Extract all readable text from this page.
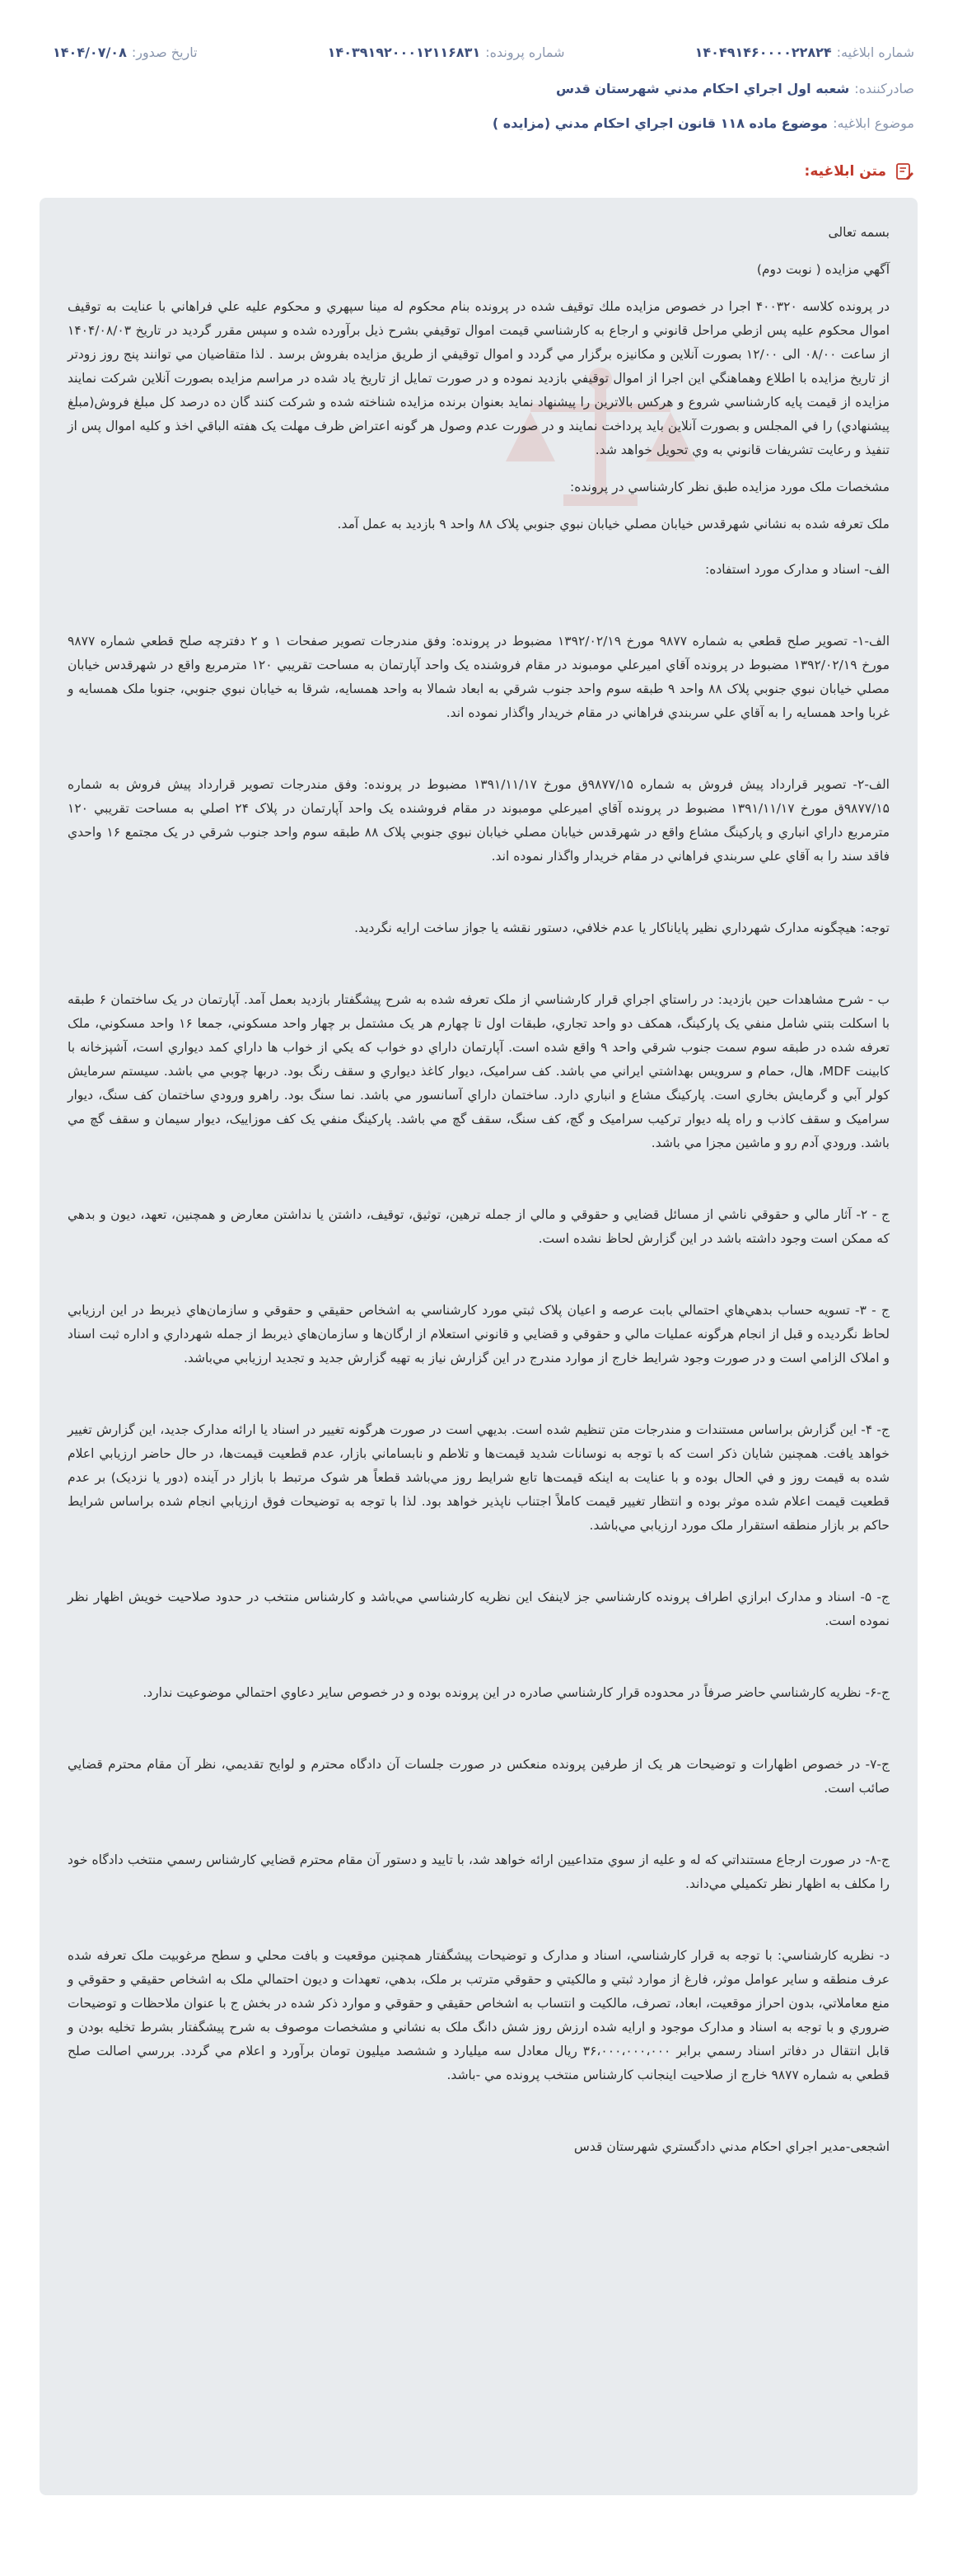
شماره ابلاغيه:
۱۴۰۴۹۱۴۶۰۰۰۰۲۲۸۲۴
شماره پرونده:
۱۴۰۳۹۱۹۲۰۰۰۱۲۱۱۶۸۳۱
تاريخ صدور:
۱۴۰۴/۰۷/۰۸
صادرکننده:
شعبه اول اجراي احكام مدني شهرستان قدس
موضوع ابلاغيه:
موضوع ماده ۱۱۸ قانون اجراي احکام مدني (مزايده )
متن ابلاغيه:

بسمه تعالی

آگهي مزايده ( نوبت دوم)

در پرونده كلاسه ۴۰۰۳۲۰ اجرا در خصوص مزايده ملك توقيف شده در پرونده بنام محكوم له مينا سپهري و محكوم عليه علي فراهاني با عنايت به توقيف اموال محكوم عليه پس ازطي مراحل قانوني و ارجاع به كارشناسي قيمت اموال توقيفي بشرح ذيل برآورده شده و سپس مقرر گرديد در تاريخ ۱۴۰۴/۰۸/۰۳ از ساعت ۰۸/۰۰ الی ۱۲/۰۰ بصورت آنلاين و مكانيزه برگزار مي گردد و اموال توقيفي از طريق مزايده بفروش برسد . لذا متقاضيان مي توانند پنج روز زودتر از تاريخ مزايده با اطلاع وهماهنگي اين اجرا از اموال توقيفي بازديد نموده و در صورت تمايل از تاريخ ياد شده در مراسم مزايده بصورت آنلاين شركت نمايند مزايده از قيمت پايه كارشناسي شروع و هركس بالاترين را پيشنهاد نمايد بعنوان برنده مزايده شناخته شده و شركت كنند گان ده درصد كل مبلغ فروش(مبلغ پيشنهادي) را في المجلس و بصورت آنلاين بايد پرداخت نمايند و در صورت عدم وصول هر گونه اعتراض ظرف مهلت يک هفته الباقي اخذ و كليه اموال پس از تنفيذ و رعايت تشريفات قانوني به وي تحويل خواهد شد.

مشخصات ملک مورد مزايده طبق نظر کارشناسي در پرونده:

ملک تعرفه شده به نشاني شهرقدس خيابان مصلي خيابان نبوي جنوبي پلاک ۸۸ واحد ۹ بازديد به عمل آمد.

الف- اسناد و مدارک مورد استفاده:

الف-۱- تصوير صلح قطعي به شماره ۹۸۷۷ مورخ ۱۳۹۲/۰۲/۱۹ مضبوط در پرونده: وفق مندرجات تصوير صفحات ۱ و ۲ دفترچه صلح قطعي شماره ۹۸۷۷ مورخ ۱۳۹۲/۰۲/۱۹ مضبوط در پرونده آقاي اميرعلي مومبوند در مقام فروشنده يک واحد آپارتمان به مساحت تقريبي ۱۲۰ مترمربع واقع در شهرقدس خيابان مصلي خيابان نبوي جنوبي پلاک ۸۸ واحد ۹ طبقه سوم واحد جنوب شرقي به ابعاد شمالا به واحد همسايه، شرقا به خيابان نبوي جنوبي، جنوبا ملک همسايه و غربا واحد همسايه را به آقاي علي سربندي فراهاني در مقام خريدار واگذار نموده اند.

الف-۲- تصوير قرارداد پيش فروش به شماره ۹۸۷۷/۱۵ق مورخ ۱۳۹۱/۱۱/۱۷ مضبوط در پرونده: وفق مندرجات تصوير قرارداد پيش فروش به شماره ۹۸۷۷/۱۵ق مورخ ۱۳۹۱/۱۱/۱۷ مضبوط در پرونده آقاي اميرعلي مومبوند در مقام فروشنده يک واحد آپارتمان در پلاک ۲۴ اصلي به مساحت تقريبي ۱۲۰ مترمربع داراي انباري و پارکينگ مشاع واقع در شهرقدس خيابان مصلي خيابان نبوي جنوبي پلاک ۸۸ طبقه سوم واحد جنوب شرقي در يک مجتمع ۱۶ واحدي فاقد سند را به آقاي علي سربندي فراهاني در مقام خريدار واگذار نموده اند.

توجه: هيچگونه مدارک شهرداري نظير پاياناکار يا عدم خلافي، دستور نقشه يا جواز ساخت ارايه نگرديد.

ب - شرح مشاهدات حين بازديد: در راستاي اجراي قرار کارشناسي از ملک تعرفه شده به شرح پيشگفتار بازديد بعمل آمد. آپارتمان در يک ساختمان ۶ طبقه با اسکلت بتني شامل منفي يک پارکينگ، همکف دو واحد تجاري، طبقات اول تا چهارم هر يک مشتمل بر چهار واحد مسکوني، جمعا ۱۶ واحد مسکوني، ملک تعرفه شده در طبقه سوم سمت جنوب شرقي واحد ۹ واقع شده است. آپارتمان داراي دو خواب که يکي از خواب ها داراي کمد ديواري است، آشپزخانه با کابينت MDF، هال، حمام و سرويس بهداشتي ايراني مي باشد. کف سراميک، ديوار کاغذ ديواري و سقف رنگ بود. دربها چوبي مي باشد. سيستم سرمايش کولر آبي و گرمايش بخاري است. پارکينگ مشاع و انباري دارد. ساختمان داراي آسانسور مي باشد. نما سنگ بود. راهرو ورودي ساختمان کف سنگ، ديوار سراميک و سقف کاذب و راه پله ديوار ترکيب سراميک و گچ، کف سنگ، سقف گچ مي باشد. پارکينگ منفي يک کف موزاييک، ديوار سيمان و سقف گچ مي باشد. ورودي آدم رو و ماشين مجزا مي باشد.

ج - ۲- آثار مالي و حقوقي ناشي از مسائل قضايي و حقوقي و مالي از جمله ترهين، توثيق، توقيف، داشتن يا نداشتن معارض و همچنين، تعهد، ديون و بدهي که ممکن است وجود داشته باشد در اين گزارش لحاظ نشده است.

ج - ۳- تسويه حساب بدهي‌هاي احتمالي بابت عرصه و اعيان پلاک ثبتي مورد کارشناسي به اشخاص حقيقي و حقوقي و سازمان‌هاي ذيربط در اين ارزيابي لحاظ نگرديده و قبل از انجام هرگونه عمليات مالي و حقوقي و قضايي و قانوني استعلام از ارگان‌ها و سازمان‌هاي ذيربط از جمله شهرداري و اداره ثبت اسناد و املاک الزامي است و در صورت وجود شرايط خارج از موارد مندرج در اين گزارش نياز به تهيه گزارش جديد و تجديد ارزيابي مي‌باشد.

ج- ۴- اين گزارش براساس مستندات و مندرجات متن تنظيم شده است. بديهي است در صورت هرگونه تغيير در اسناد يا ارائه مدارک جديد، اين گزارش تغيير خواهد يافت. همچنين شايان ذکر است که با توجه به نوسانات شديد قيمت‌ها و تلاطم و نابساماني بازار، عدم قطعيت قيمت‌ها، در حال حاضر ارزيابي اعلام شده به قيمت روز و في الحال بوده و با عنايت به اينکه قيمت‌ها تابع شرايط روز مي‌باشد قطعاً هر شوک مرتبط با بازار در آينده (دور يا نزديک) بر عدم قطعيت قيمت اعلام شده موثر بوده و انتظار تغيير قيمت کاملاً اجتناب ناپذير خواهد بود. لذا با توجه به توضيحات فوق ارزيابي انجام شده براساس شرايط حاکم بر بازار منطقه استقرار ملک مورد ارزيابي مي‌باشد.

ج- ۵- اسناد و مدارک ابرازي اطراف پرونده کارشناسي جز لاينفک اين نظريه کارشناسي مي‌باشد و کارشناس منتخب در حدود صلاحيت خويش اظهار نظر نموده است.

ج-۶- نظريه کارشناسي حاضر صرفاً در محدوده قرار کارشناسي صادره در اين پرونده بوده و در خصوص ساير دعاوي احتمالي موضوعيت ندارد.

ج-۷- در خصوص اظهارات و توضيحات هر يک از طرفين پرونده منعکس در صورت جلسات آن دادگاه محترم و لوايح تقديمي، نظر آن مقام محترم قضايي صائب است.

ج-۸- در صورت ارجاع مستنداتي که له و عليه از سوي متداعيين ارائه خواهد شد، با تاييد و دستور آن مقام محترم قضايي کارشناس رسمي منتخب دادگاه خود را مکلف به اظهار نظر تکميلي مي‌داند.

د- نظريه کارشناسي: با توجه به قرار کارشناسي، اسناد و مدارک و توضيحات پيشگفتار همچنين موقعيت و بافت محلي و سطح مرغوبيت ملک تعرفه شده عرف منطقه و ساير عوامل موثر، فارغ از موارد ثبتي و مالکيتي و حقوقي مترتب بر ملک، بدهي، تعهدات و ديون احتمالي ملک به اشخاص حقيقي و حقوقي و منع معاملاتي، بدون احراز موقعيت، ابعاد، تصرف، مالکيت و انتساب به اشخاص حقيقي و حقوقي و موارد ذکر شده در بخش ج با عنوان ملاحظات و توضيحات ضروري و با توجه به اسناد و مدارک موجود و ارايه شده ارزش روز شش دانگ ملک به نشاني و مشخصات موصوف به شرح پيشگفتار بشرط تخليه بودن و قابل انتقال در دفاتر اسناد رسمي برابر ۳۶،۰۰۰،۰۰۰،۰۰۰ ريال معادل سه ميليارد و ششصد ميليون تومان برآورد و اعلام مي گردد. بررسي اصالت صلح قطعي به شماره ۹۸۷۷ خارج از صلاحيت اينجانب کارشناس منتخب پرونده مي -باشد.

اشجعی-مدير اجراي احكام مدني دادگستري شهرستان قدس
